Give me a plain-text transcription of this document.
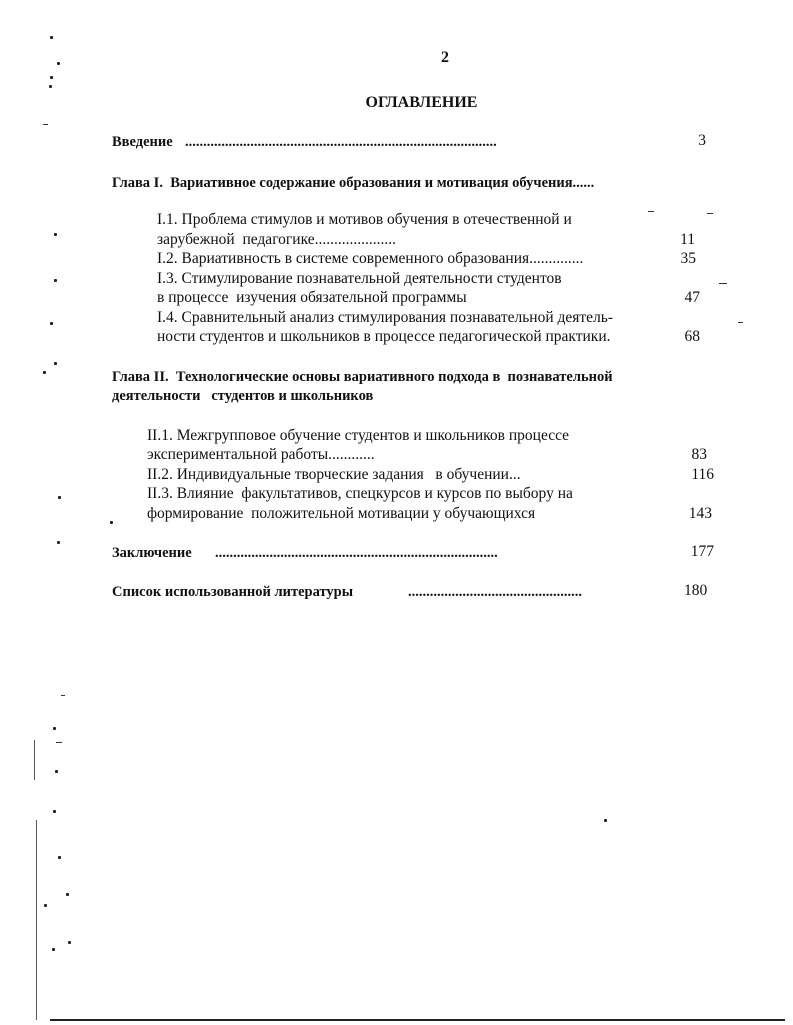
2
ОГЛАВЛЕНИЕ
Введение ......................................................................................	3
Глава I.  Вариативное содержание образования и мотивация обучения......
I.1. Проблема стимулов и мотивов обучения в отечественной и
зарубежной  педагогике.....................	11
I.2. Вариативность в системе современного образования..............	35
I.3. Стимулирование познавательной деятельности студентов
в процессе  изучения обязательной программы	47
I.4. Сравнительный анализ стимулирования познавательной деятель-
ности студентов и школьников в процессе педагогической практики.	68
Глава II.  Технологические основы вариативного подхода в  познавательной
деятельности   студентов и школьников
II.1. Межгрупповое обучение студентов и школьников процессе
экспериментальной работы............	83
II.2. Индивидуальные творческие задания   в обучении...	116
II.3. Влияние  факультативов, спецкурсов и курсов по выбору на
формирование  положительной мотивации у обучающихся	143
Заключение ..............................................................................	177
Список использованной литературы	................................................	180
